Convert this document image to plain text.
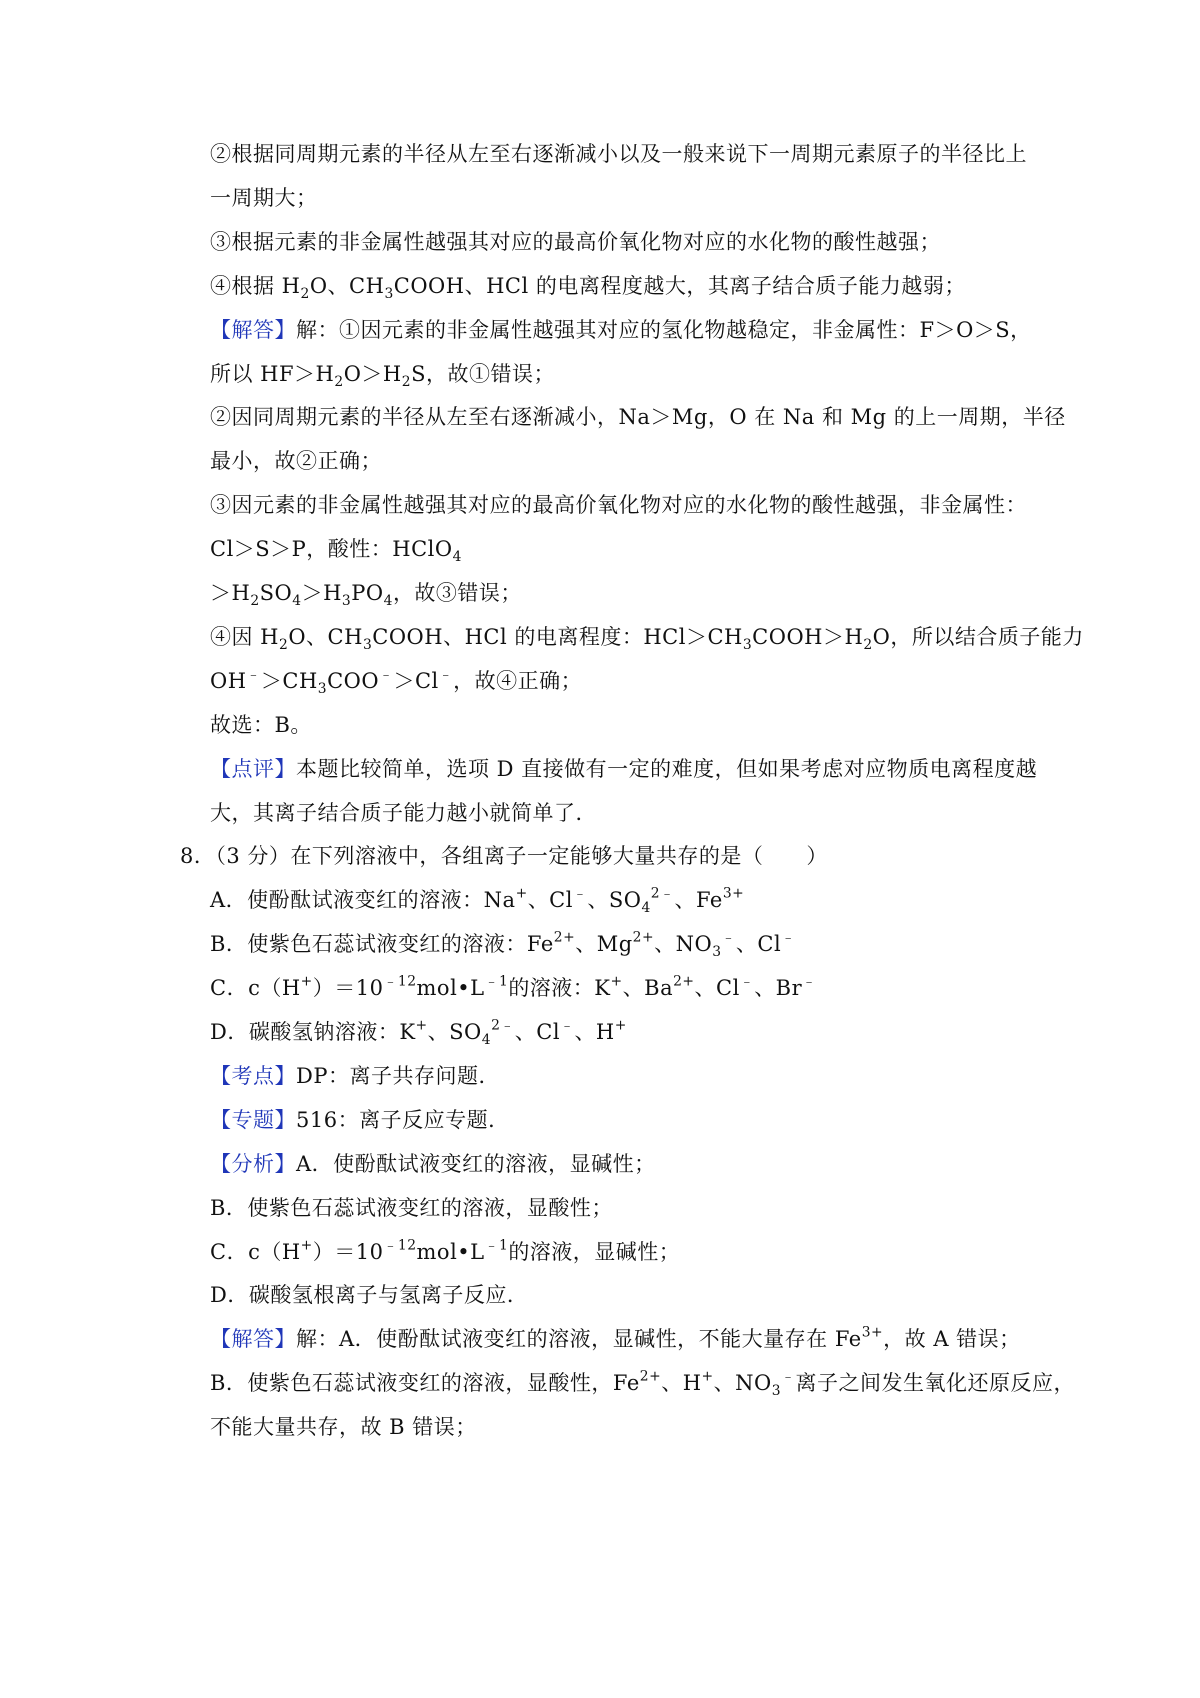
②根据同周期元素的半径从左至右逐渐减小以及一般来说下一周期元素原子的半径比上
一周期大；
③根据元素的非金属性越强其对应的最高价氧化物对应的水化物的酸性越强；
④根据 $H_2O$、$CH_3COOH$、HCl 的电离程度越大，其离子结合质子能力越弱；
【解答】解：①因元素的非金属性越强其对应的氢化物越稳定，非金属性：F＞O＞S，
所以 $HF>H_2O>H_2S$，故①错误；
②因同周期元素的半径从左至右逐渐减小，Na＞Mg，O 在 Na 和 Mg 的上一周期，半径
最小，故②正确；
③因元素的非金属性越强其对应的最高价氧化物对应的水化物的酸性越强，非金属性：
Cl＞S＞P，酸性：HClO$_4$
$>H_2SO_4>H_3PO_4$，故③错误；
④因 $H_2O$、$CH_3COOH$、HCl 的电离程度：$HCl>CH_3COOH>H_2O$，所以结合质子能力
$OH^﹣>CH_3COO^﹣>Cl^﹣$，故④正确；
故选：B。
【点评】本题比较简单，选项 D 直接做有一定的难度，但如果考虑对应物质电离程度越
大，其离子结合质子能力越小就简单了．
8．（3 分）在下列溶液中，各组离子一定能够大量共存的是（　　）
A．使酚酞试液变红的溶液：Na+、Cl﹣、$SO_4^{2﹣}$、$Fe^{3+}$
B．使紫色石蕊试液变红的溶液：$Fe^{2+}$、$Mg^{2+}$、$NO_3^﹣$、Cl﹣
C．$c(H^+)=10^{﹣12}mol•L^{﹣1}$的溶液：K+、$Ba^{2+}$、Cl﹣、Br﹣
D．碳酸氢钠溶液：K+、$SO_4^{2﹣}$、Cl﹣、H+
【考点】DP：离子共存问题．
【专题】516：离子反应专题．
【分析】A．使酚酞试液变红的溶液，显碱性；
B．使紫色石蕊试液变红的溶液，显酸性；
C．$c(H^+)=10^{﹣12}mol•L^{﹣1}$的溶液，显碱性；
D．碳酸氢根离子与氢离子反应．
【解答】解：A．使酚酞试液变红的溶液，显碱性，不能大量存在 $Fe^{3+}$，故 A 错误；
B．使紫色石蕊试液变红的溶液，显酸性，$Fe^{2+}$、H+、$NO_3^﹣$离子之间发生氧化还原反应，
不能大量共存，故 B 错误；
